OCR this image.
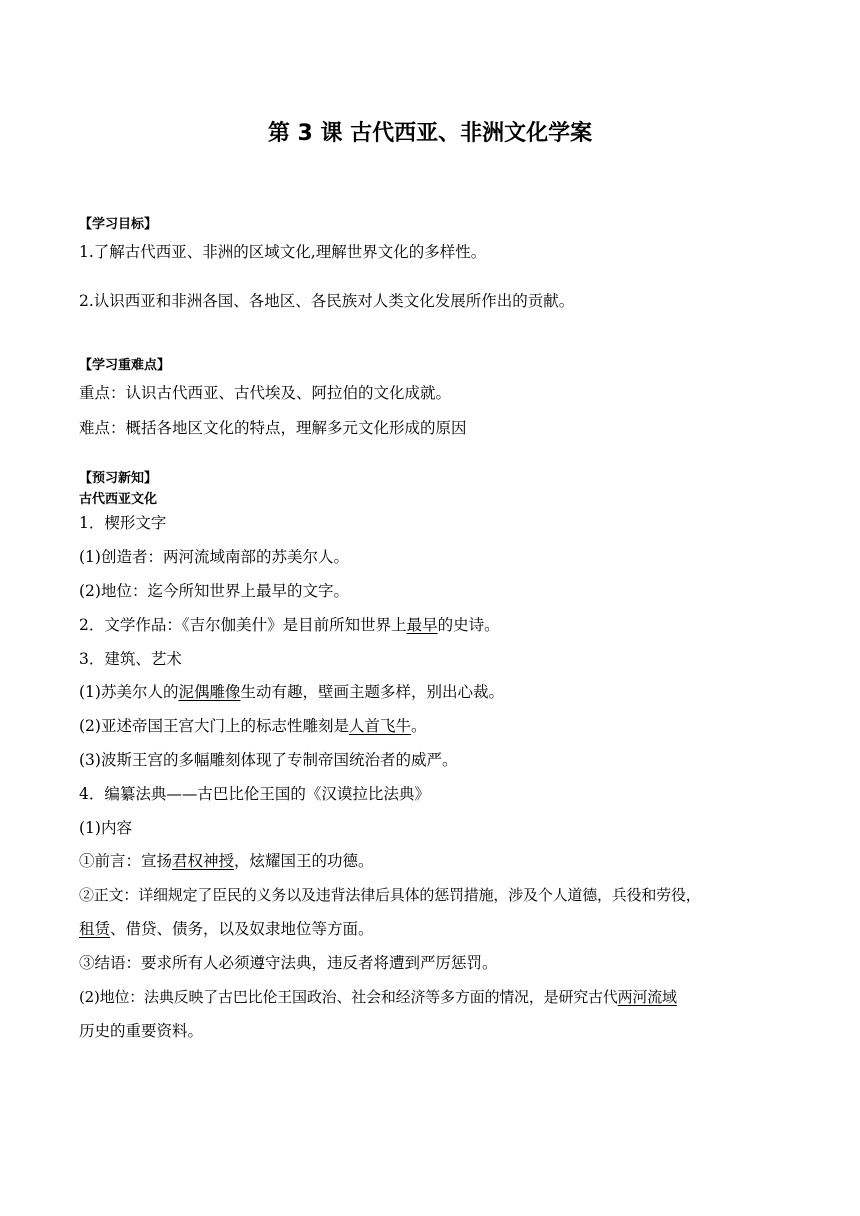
第 3 课 古代西亚、非洲文化学案
【学习目标】
1.了解古代西亚、非洲的区域文化,理解世界文化的多样性。
2.认识西亚和非洲各国、各地区、各民族对人类文化发展所作出的贡献。
【学习重难点】
重点：认识古代西亚、古代埃及、阿拉伯的文化成就。
难点：概括各地区文化的特点，理解多元文化形成的原因
【预习新知】
古代西亚文化
1．楔形文字
(1)创造者：两河流域南部的苏美尔人。
(2)地位：迄今所知世界上最早的文字。
2．文学作品：《吉尔伽美什》是目前所知世界上最早的史诗。
3．建筑、艺术
(1)苏美尔人的泥偶雕像生动有趣，壁画主题多样，别出心裁。
(2)亚述帝国王宫大门上的标志性雕刻是人首飞牛。
(3)波斯王宫的多幅雕刻体现了专制帝国统治者的威严。
4．编纂法典——古巴比伦王国的《汉谟拉比法典》
(1)内容
①前言：宣扬君权神授，炫耀国王的功德。
②正文：详细规定了臣民的义务以及违背法律后具体的惩罚措施，涉及个人道德，兵役和劳役，
租赁、借贷、债务，以及奴隶地位等方面。
③结语：要求所有人必须遵守法典，违反者将遭到严厉惩罚。
(2)地位：法典反映了古巴比伦王国政治、社会和经济等多方面的情况，是研究古代两河流域
历史的重要资料。
